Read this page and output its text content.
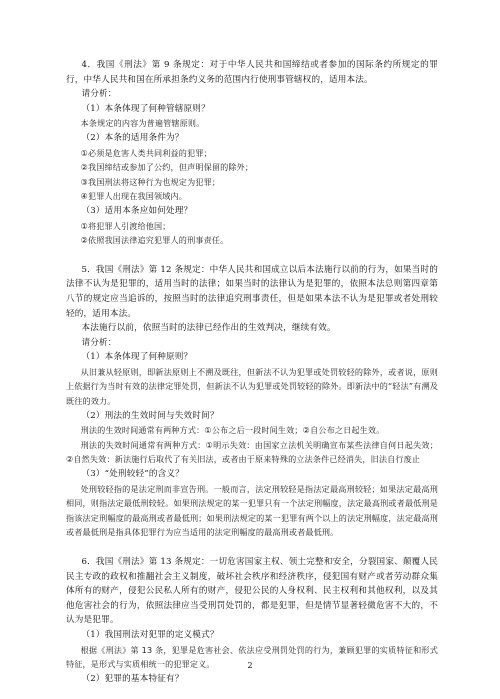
4．我国《刑法》第 9 条规定：对于中华人民共和国缔结或者参加的国际条约所规定的罪行，中华人民共和国在所承担条约义务的范围内行使刑事管辖权的，适用本法。

请分析：

（1）本条体现了何种管辖原则？

本条规定的内容为普遍管辖原则。

（2）本条的适用条件为？

①必须是危害人类共同利益的犯罪；

②我国缔结或参加了公约，但声明保留的除外；

③我国刑法将这种行为也规定为犯罪；

④犯罪人出现在我国领域内。

（3）适用本条应如何处理？

①将犯罪人引渡给他国；

②依照我国法律追究犯罪人的刑事责任。

5．我国《刑法》第 12 条规定：中华人民共和国成立以后本法施行以前的行为，如果当时的法律不认为是犯罪的，适用当时的法律；如果当时的法律认为是犯罪的，依照本法总则第四章第八节的规定应当追诉的，按照当时的法律追究刑事责任，但是如果本法不认为是犯罪或者处刑较轻的，适用本法。

本法施行以前，依照当时的法律已经作出的生效判决，继续有效。

请分析：

（1）本条体现了何种原则？

从旧兼从轻原则，即新法原则上不溯及既往，但新法不认为犯罪或处罚较轻的除外，或者说，原则上依据行为当时有效的法律定罪处罚，但新法不认为犯罪或处罚较轻的除外。即新法中的“轻法”有溯及既往的效力。

（2）刑法的生效时间与失效时间？

刑法的生效时间通常有两种方式：①公布之后一段时间生效；②自公布之日起生效。

刑法的失效时间通常有两种方式：①明示失效：由国家立法机关明确宣布某些法律自何日起失效；②自然失效：新法施行后取代了有关旧法，或者由于原来特殊的立法条件已经消失，旧法自行废止

（3）“处刑较轻”的含义？

处刑较轻指的是法定刑而非宣告刑。一般而言，法定刑较轻是指法定最高刑较轻；如果法定最高刑相同，则指法定最低刑较轻。如果刑法规定的某一犯罪只有一个法定刑幅度，法定最高刑或者最低刑是指该法定刑幅度的最高刑或者最低刑；如果刑法规定的某一犯罪有两个以上的法定刑幅度，法定最高刑或者最低刑是指具体犯罪行为应当适用的法定刑幅度的最高刑或者最低刑。

6．我国《刑法》第 13 条规定：一切危害国家主权、领土完整和安全，分裂国家、颠覆人民民主专政的政权和推翻社会主义制度，破坏社会秩序和经济秩序，侵犯国有财产或者劳动群众集体所有的财产，侵犯公民私人所有的财产，侵犯公民的人身权利、民主权利和其他权利，以及其他危害社会的行为，依照法律应当受刑罚处罚的，都是犯罪，但是情节显著轻微危害不大的，不认为是犯罪。

（1）我国刑法对犯罪的定义模式？

根据《刑法》第 13 条，犯罪是危害社会、依法应受刑罚处罚的行为，兼顾犯罪的实质特征和形式特征，是形式与实质相统一的犯罪定义。

（2）犯罪的基本特征有？

2
